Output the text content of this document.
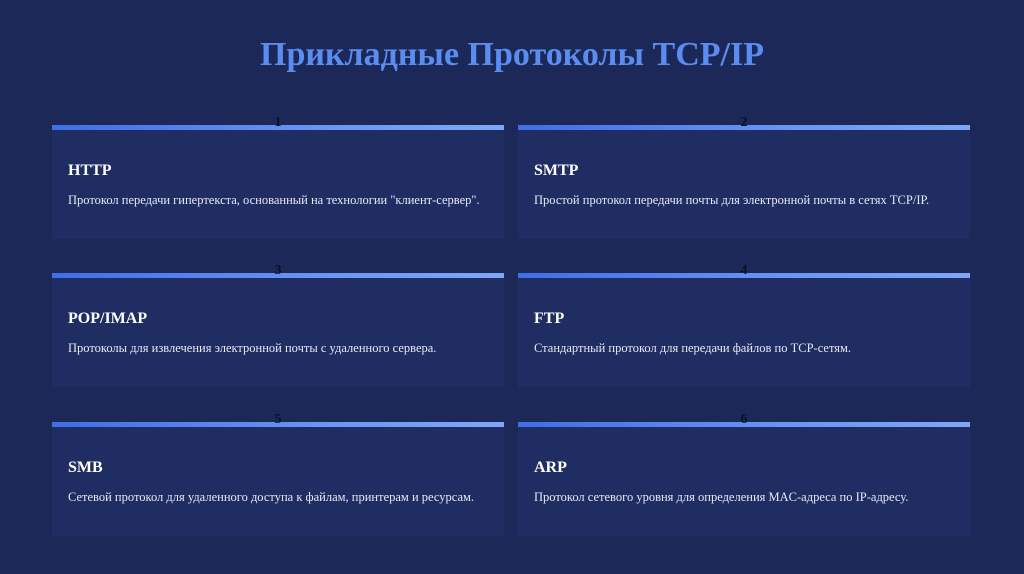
Прикладные Протоколы TCP/IP
1
HTTP
Протокол передачи гипертекста, основанный на технологии "клиент-сервер".
2
SMTP
Простой протокол передачи почты для электронной почты в сетях TCP/IP.
3
POP/IMAP
Протоколы для извлечения электронной почты с удаленного сервера.
4
FTP
Стандартный протокол для передачи файлов по TCP-сетям.
5
SMB
Сетевой протокол для удаленного доступа к файлам, принтерам и ресурсам.
6
ARP
Протокол сетевого уровня для определения MAC-адреса по IP-адресу.
